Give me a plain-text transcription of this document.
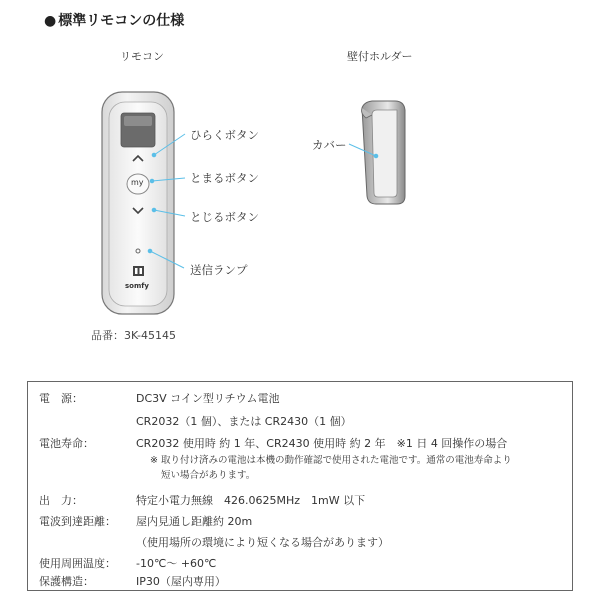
● 標準リモコンの仕様
リモコン	壁付ホルダー
my
somfy
ひらくボタン
とまるボタン
とじるボタン
送信ランプ
カバー
品番：3K-45145
電　源：	DC3V コイン型リチウム電池
CR2032（1 個）、または CR2430（1 個）
電池寿命：	CR2032 使用時 約 1 年、CR2430 使用時 約 2 年　※1 日 4 回操作の場合
※ 取り付け済みの電池は本機の動作確認で使用された電池です。通常の電池寿命より
短い場合があります。
出　力：	特定小電力無線　426.0625MHz　1mW 以下
電波到達距離： 屋内見通し距離約 20m
（使用場所の環境により短くなる場合があります）
使用周囲温度： -10℃～ +60℃
保護構造：	IP30（屋内専用）
